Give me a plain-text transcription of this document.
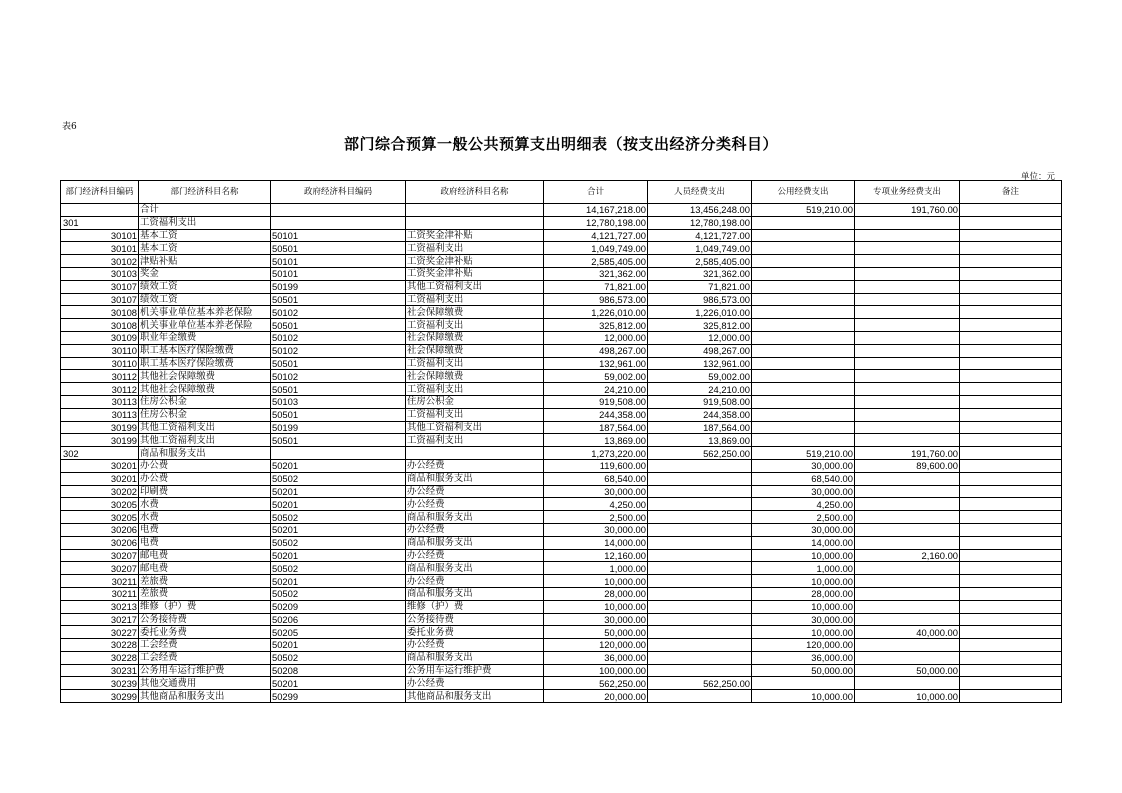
表6
部门综合预算一般公共预算支出明细表（按支出经济分类科目）
单位：元
部门经济科目编码	部门经济科目名称	政府经济科目编码	政府经济科目名称	合计	人员经费支出	公用经费支出	专项业务经费支出	备注
	合计			14,167,218.00	13,456,248.00	519,210.00	191,760.00	
301	工资福利支出			12,780,198.00	12,780,198.00			
30101	基本工资	50101	工资奖金津补贴	4,121,727.00	4,121,727.00			
30101	基本工资	50501	工资福利支出	1,049,749.00	1,049,749.00			
30102	津贴补贴	50101	工资奖金津补贴	2,585,405.00	2,585,405.00			
30103	奖金	50101	工资奖金津补贴	321,362.00	321,362.00			
30107	绩效工资	50199	其他工资福利支出	71,821.00	71,821.00			
30107	绩效工资	50501	工资福利支出	986,573.00	986,573.00			
30108	机关事业单位基本养老保险	50102	社会保障缴费	1,226,010.00	1,226,010.00			
30108	机关事业单位基本养老保险	50501	工资福利支出	325,812.00	325,812.00			
30109	职业年金缴费	50102	社会保障缴费	12,000.00	12,000.00			
30110	职工基本医疗保险缴费	50102	社会保障缴费	498,267.00	498,267.00			
30110	职工基本医疗保险缴费	50501	工资福利支出	132,961.00	132,961.00			
30112	其他社会保障缴费	50102	社会保障缴费	59,002.00	59,002.00			
30112	其他社会保障缴费	50501	工资福利支出	24,210.00	24,210.00			
30113	住房公积金	50103	住房公积金	919,508.00	919,508.00			
30113	住房公积金	50501	工资福利支出	244,358.00	244,358.00			
30199	其他工资福利支出	50199	其他工资福利支出	187,564.00	187,564.00			
30199	其他工资福利支出	50501	工资福利支出	13,869.00	13,869.00			
302	商品和服务支出			1,273,220.00	562,250.00	519,210.00	191,760.00	
30201	办公费	50201	办公经费	119,600.00		30,000.00	89,600.00	
30201	办公费	50502	商品和服务支出	68,540.00		68,540.00		
30202	印刷费	50201	办公经费	30,000.00		30,000.00		
30205	水费	50201	办公经费	4,250.00		4,250.00		
30205	水费	50502	商品和服务支出	2,500.00		2,500.00		
30206	电费	50201	办公经费	30,000.00		30,000.00		
30206	电费	50502	商品和服务支出	14,000.00		14,000.00		
30207	邮电费	50201	办公经费	12,160.00		10,000.00	2,160.00	
30207	邮电费	50502	商品和服务支出	1,000.00		1,000.00		
30211	差旅费	50201	办公经费	10,000.00		10,000.00		
30211	差旅费	50502	商品和服务支出	28,000.00		28,000.00		
30213	维修（护）费	50209	维修（护）费	10,000.00		10,000.00		
30217	公务接待费	50206	公务接待费	30,000.00		30,000.00		
30227	委托业务费	50205	委托业务费	50,000.00		10,000.00	40,000.00	
30228	工会经费	50201	办公经费	120,000.00		120,000.00		
30228	工会经费	50502	商品和服务支出	36,000.00		36,000.00		
30231	公务用车运行维护费	50208	公务用车运行维护费	100,000.00		50,000.00	50,000.00	
30239	其他交通费用	50201	办公经费	562,250.00	562,250.00			
30299	其他商品和服务支出	50299	其他商品和服务支出	20,000.00		10,000.00	10,000.00	
